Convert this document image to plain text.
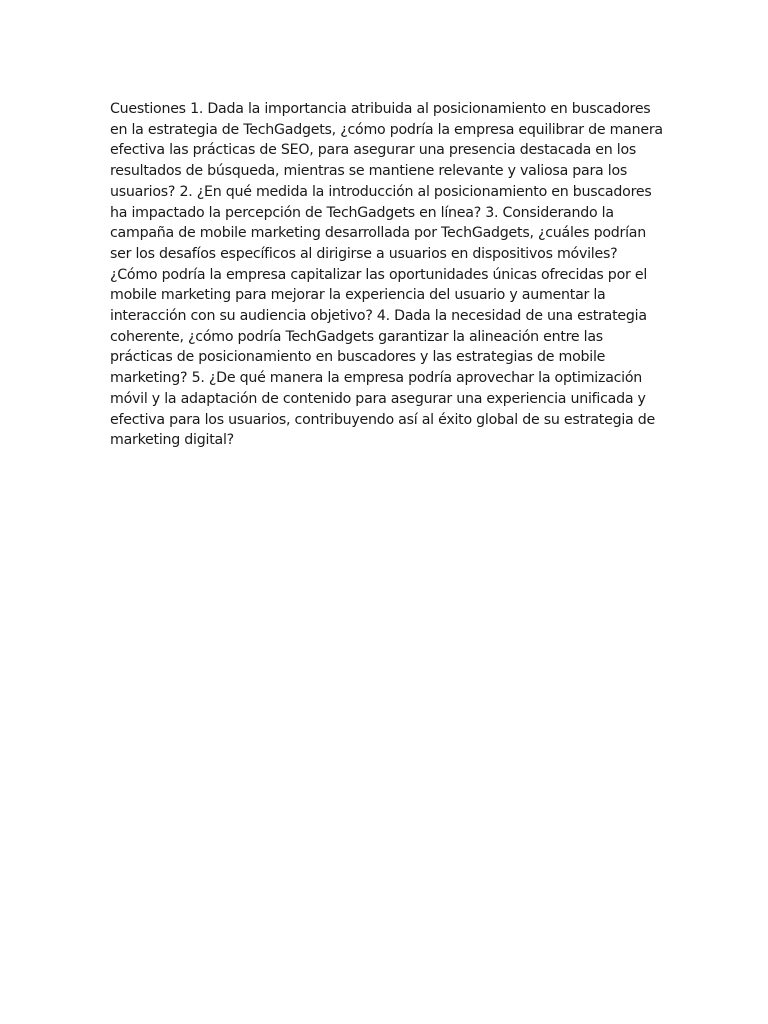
Cuestiones 1. Dada la importancia atribuida al posicionamiento en buscadores en la estrategia de TechGadgets, ¿cómo podría la empresa equilibrar de manera efectiva las prácticas de SEO, para asegurar una presencia destacada en los resultados de búsqueda, mientras se mantiene relevante y valiosa para los usuarios? 2. ¿En qué medida la introducción al posicionamiento en buscadores ha impactado la percepción de TechGadgets en línea? 3. Considerando la campaña de mobile marketing desarrollada por TechGadgets, ¿cuáles podrían ser los desafíos específicos al dirigirse a usuarios en dispositivos móviles? ¿Cómo podría la empresa capitalizar las oportunidades únicas ofrecidas por el mobile marketing para mejorar la experiencia del usuario y aumentar la interacción con su audiencia objetivo? 4. Dada la necesidad de una estrategia coherente, ¿cómo podría TechGadgets garantizar la alineación entre las prácticas de posicionamiento en buscadores y las estrategias de mobile marketing? 5. ¿De qué manera la empresa podría aprovechar la optimización móvil y la adaptación de contenido para asegurar una experiencia unificada y efectiva para los usuarios, contribuyendo así al éxito global de su estrategia de marketing digital?
